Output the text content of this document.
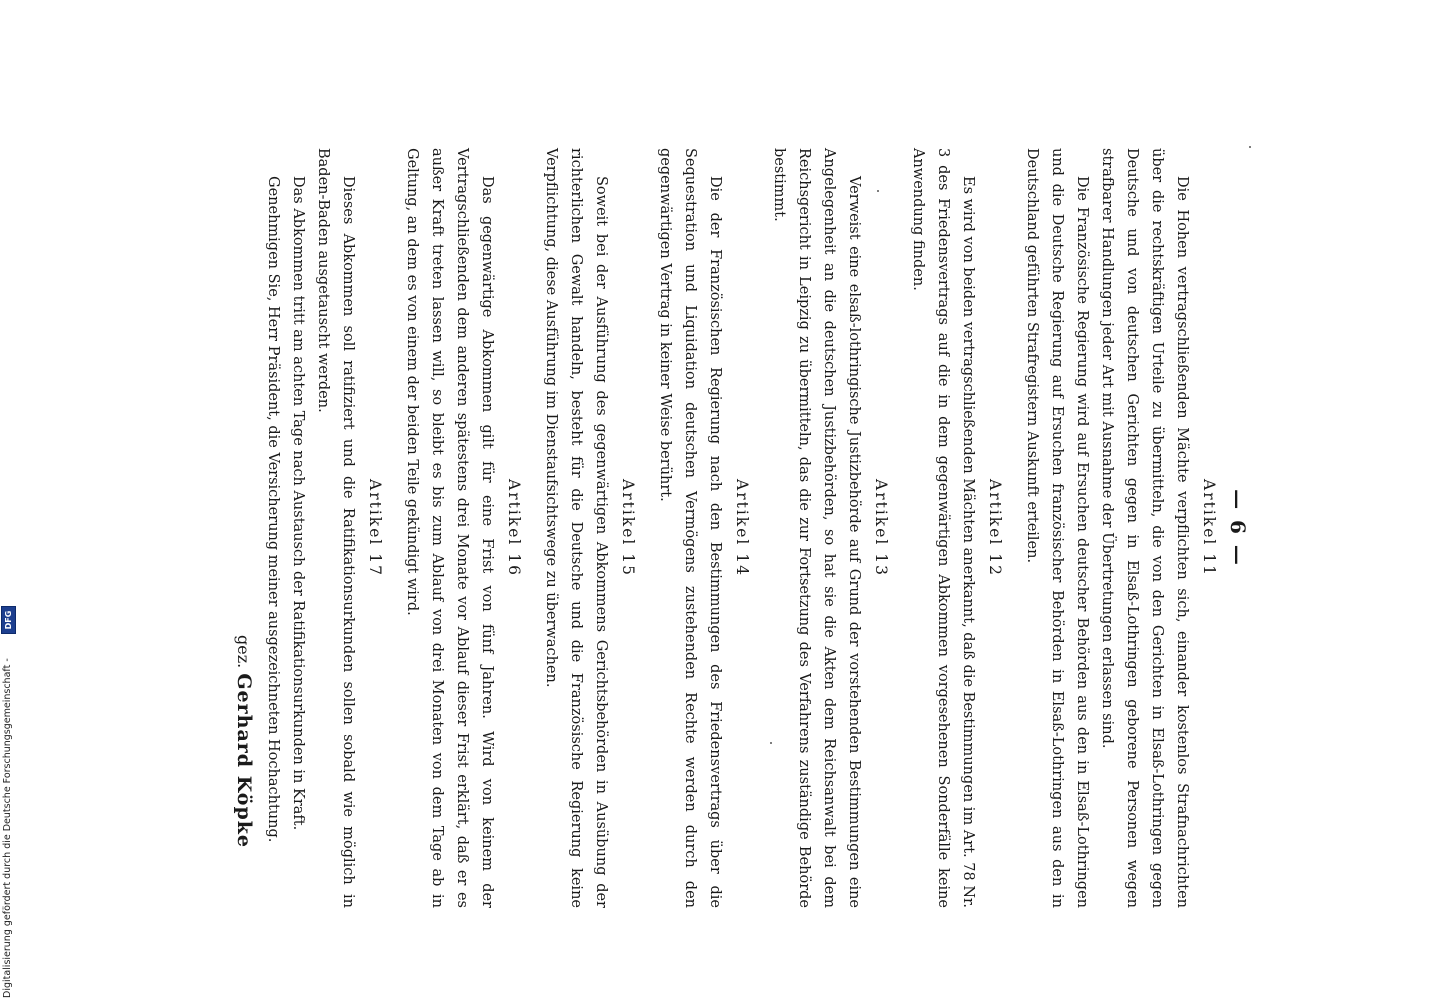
— 6 —
Artikel 11

Die Hohen vertragschließenden Mächte verpflichten sich, einander kostenlos Strafnachrichten über die rechtskräftigen Urteile zu übermitteln, die von den Gerichten in Elsaß-Lothringen gegen Deutsche und von deutschen Gerichten gegen in Elsaß-Lothringen geborene Personen wegen strafbarer Handlungen jeder Art mit Ausnahme der Übertretungen erlassen sind.

Die Französische Regierung wird auf Ersuchen deutscher Behörden aus den in Elsaß-Lothringen und die Deutsche Regierung auf Ersuchen französischer Behörden in Elsaß-Lothringen aus den in Deutschland geführten Strafregistern Auskunft erteilen.

Artikel 12

Es wird von beiden vertragschließenden Mächten anerkannt, daß die Bestimmungen im Art. 78 Nr. 3 des Friedensvertrags auf die in dem gegenwärtigen Abkommen vorgesehenen Sonderfälle keine Anwendung finden.

Artikel 13

Verweist eine elsaß-lothringische Justizbehörde auf Grund der vorstehenden Bestimmungen eine Angelegenheit an die deutschen Justizbehörden, so hat sie die Akten dem Reichsanwalt bei dem Reichsgericht in Leipzig zu übermitteln, das die zur Fortsetzung des Verfahrens zuständige Behörde bestimmt.

Artikel 14

Die der Französischen Regierung nach den Bestimmungen des Friedensvertrags über die Sequestration und Liquidation deutschen Vermögens zustehenden Rechte werden durch den gegenwärtigen Vertrag in keiner Weise berührt.

Artikel 15

Soweit bei der Ausführung des gegenwärtigen Abkommens Gerichtsbehörden in Ausübung der richterlichen Gewalt handeln, besteht für die Deutsche und die Französische Regierung keine Verpflichtung, diese Ausführung im Dienstaufsichtswege zu überwachen.

Artikel 16

Das gegenwärtige Abkommen gilt für eine Frist von fünf Jahren. Wird von keinem der Vertragschließenden dem anderen spätestens drei Monate vor Ablauf dieser Frist erklärt, daß er es außer Kraft treten lassen will, so bleibt es bis zum Ablauf von drei Monaten von dem Tage ab in Geltung, an dem es von einem der beiden Teile gekündigt wird.

Artikel 17

Dieses Abkommen soll ratifiziert und die Ratifikationsurkunden sollen sobald wie möglich in Baden-Baden ausgetauscht werden.

Das Abkommen tritt am achten Tage nach Austausch der Ratifikationsurkunden in Kraft.

Genehmigen Sie, Herr Präsident, die Versicherung meiner ausgezeichneten Hochachtung.

gez. Gerhard Köpke
Digitalisierung gefördert durch die Deutsche Forschungsgemeinschaft -
DFG
